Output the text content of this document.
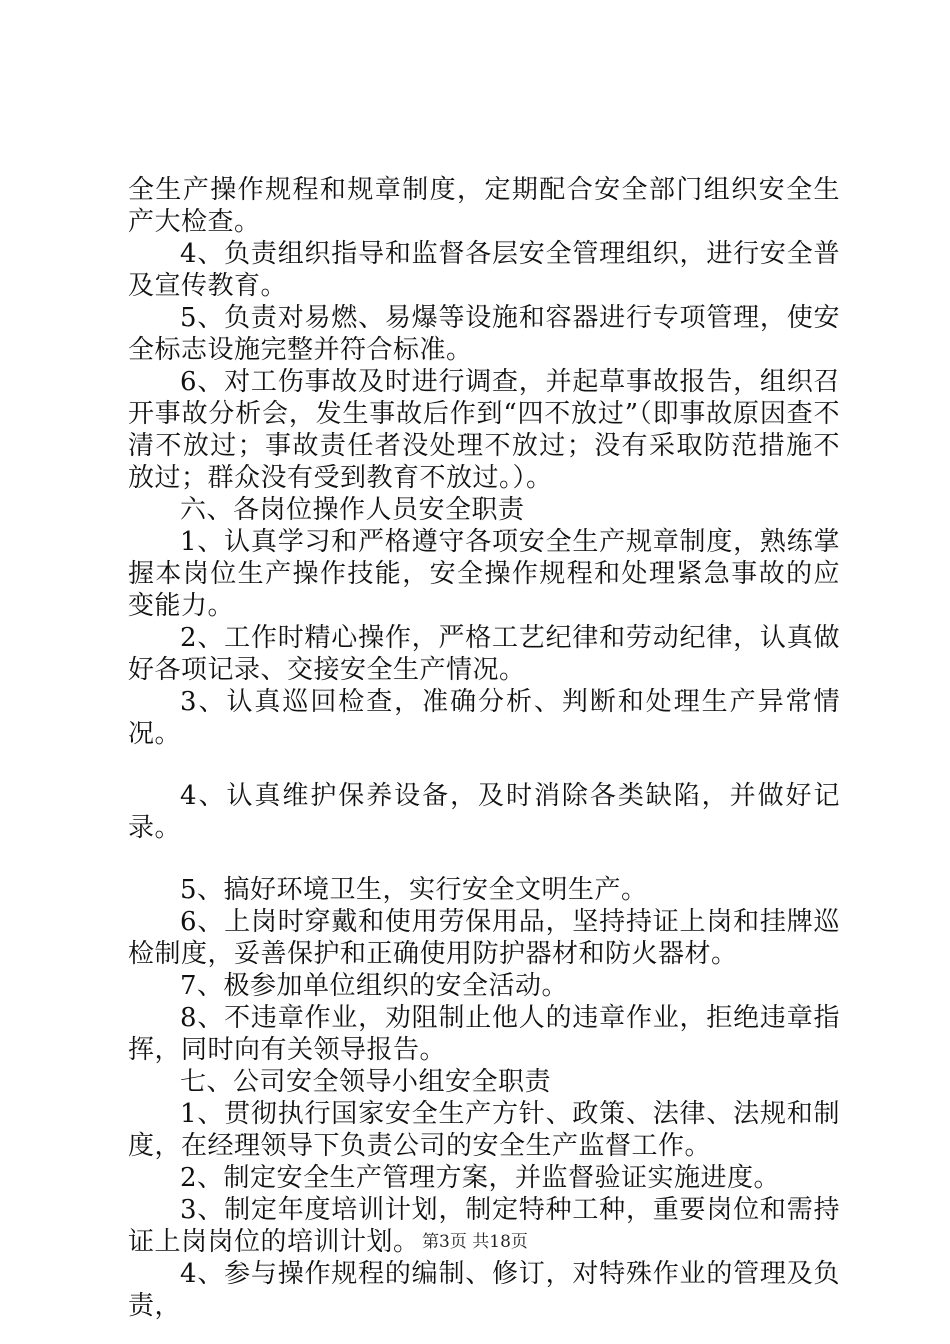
全生产操作规程和规章制度，定期配合安全部门组织安全生产大检查。

4、负责组织指导和监督各层安全管理组织，进行安全普及宣传教育。

5、负责对易燃、易爆等设施和容器进行专项管理，使安全标志设施完整并符合标准。

6、对工伤事故及时进行调查，并起草事故报告，组织召开事故分析会，发生事故后作到“四不放过”（即事故原因查不清不放过；事故责任者没处理不放过；没有采取防范措施不放过；群众没有受到教育不放过。）。

六、各岗位操作人员安全职责

1、认真学习和严格遵守各项安全生产规章制度，熟练掌握本岗位生产操作技能，安全操作规程和处理紧急事故的应变能力。

2、工作时精心操作，严格工艺纪律和劳动纪律，认真做好各项记录、交接安全生产情况。

3、认真巡回检查，准确分析、判断和处理生产异常情况。

4、认真维护保养设备，及时消除各类缺陷，并做好记录。

5、搞好环境卫生，实行安全文明生产。

6、上岗时穿戴和使用劳保用品，坚持持证上岗和挂牌巡检制度，妥善保护和正确使用防护器材和防火器材。

7、极参加单位组织的安全活动。

8、不违章作业，劝阻制止他人的违章作业，拒绝违章指挥，同时向有关领导报告。

七、公司安全领导小组安全职责

1、贯彻执行国家安全生产方针、政策、法律、法规和制度，在经理领导下负责公司的安全生产监督工作。

2、制定安全生产管理方案，并监督验证实施进度。

3、制定年度培训计划，制定特种工种，重要岗位和需持证上岗岗位的培训计划。

4、参与操作规程的编制、修订，对特殊作业的管理及负责，

第3页 共18页
